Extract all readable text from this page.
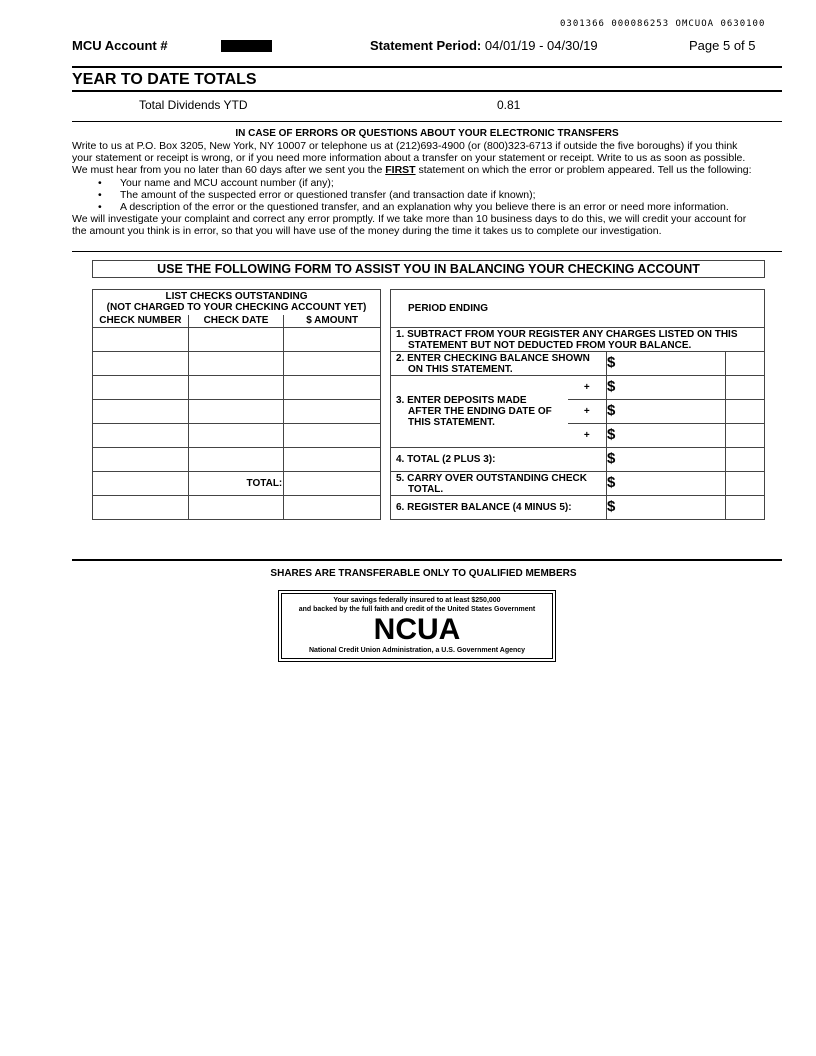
0301366 000086253 OMCUOA 0630100
MCU Account #	Statement Period: 04/01/19 - 04/30/19	Page 5 of 5
YEAR TO DATE TOTALS
Total Dividends YTD	0.81
IN CASE OF ERRORS OR QUESTIONS ABOUT YOUR ELECTRONIC TRANSFERS
Write to us at P.O. Box 3205, New York, NY 10007 or telephone us at (212)693-4900 (or (800)323-6713 if outside the five boroughs) if you think
your statement or receipt is wrong, or if you need more information about a transfer on your statement or receipt. Write to us as soon as possible.
We must hear from you no later than 60 days after we sent you the FIRST statement on which the error or problem appeared. Tell us the following:
• Your name and MCU account number (if any);
• The amount of the suspected error or questioned transfer (and transaction date if known);
• A description of the error or the questioned transfer, and an explanation why you believe there is an error or need more information.
We will investigate your complaint and correct any error promptly. If we take more than 10 business days to do this, we will credit your account for
the amount you think is in error, so that you will have use of the money during the time it takes us to complete our investigation.
USE THE FOLLOWING FORM TO ASSIST YOU IN BALANCING YOUR CHECKING ACCOUNT
LIST CHECKS OUTSTANDING
(NOT CHARGED TO YOUR CHECKING ACCOUNT YET)		

CHECK NUMBER	CHECK DATE	$ AMOUNT

	TOTAL:	

PERIOD ENDING			

1. SUBTRACT FROM YOUR REGISTER ANY CHARGES LISTED ON THIS
STATEMENT BUT NOT DEDUCTED FROM YOUR BALANCE.			

2. ENTER CHECKING BALANCE SHOWN
ON THIS STATEMENT.		$	

3. ENTER DEPOSITS MADE
AFTER THE ENDING DATE OF
THIS STATEMENT.	+	$	
	+	$	
	+	$	
4. TOTAL (2 PLUS 3):		$	

5. CARRY OVER OUTSTANDING CHECK
TOTAL.		$	
6. REGISTER BALANCE (4 MINUS 5):		$	
SHARES ARE TRANSFERABLE ONLY TO QUALIFIED MEMBERS
Your savings federally insured to at least $250,000
and backed by the full faith and credit of the United States Government
NCUA
National Credit Union Administration, a U.S. Government Agency
